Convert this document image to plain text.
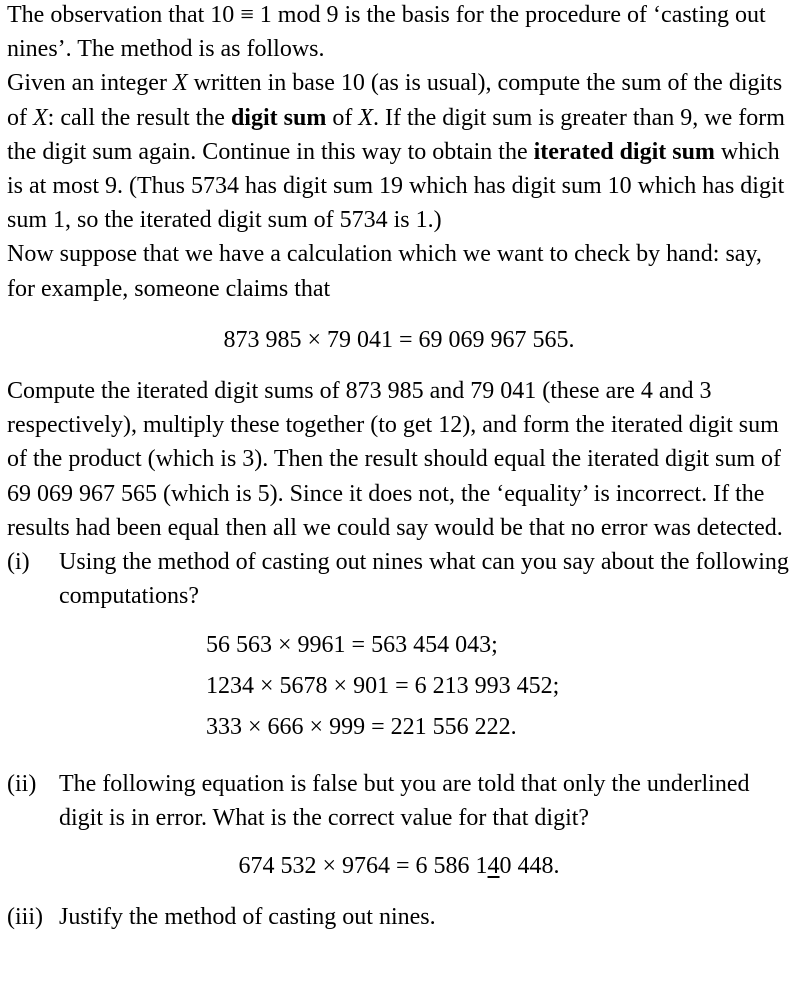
The observation that 10 ≡ 1 mod 9 is the basis for the procedure of ‘casting out nines’. The method is as follows.

Given an integer X written in base 10 (as is usual), compute the sum of the digits of X: call the result the digit sum of X. If the digit sum is greater than 9, we form the digit sum again. Continue in this way to obtain the iterated digit sum which is at most 9. (Thus 5734 has digit sum 19 which has digit sum 10 which has digit sum 1, so the iterated digit sum of 5734 is 1.)

Now suppose that we have a calculation which we want to check by hand: say, for example, someone claims that

873 985 × 79 041 = 69 069 967 565.

Compute the iterated digit sums of 873 985 and 79 041 (these are 4 and 3 respectively), multiply these together (to get 12), and form the iterated digit sum of the product (which is 3). Then the result should equal the iterated digit sum of 69 069 967 565 (which is 5). Since it does not, the ‘equality’ is incorrect. If the results had been equal then all we could say would be that no error was detected.

(i) Using the method of casting out nines what can you say about the following computations?

56 563 × 9961 = 563 454 043;

1234 × 5678 × 901 = 6 213 993 452;

333 × 666 × 999 = 221 556 222.

(ii) The following equation is false but you are told that only the underlined digit is in error. What is the correct value for that digit?

674 532 × 9764 = 6 586 140 448.

(iii) Justify the method of casting out nines.
